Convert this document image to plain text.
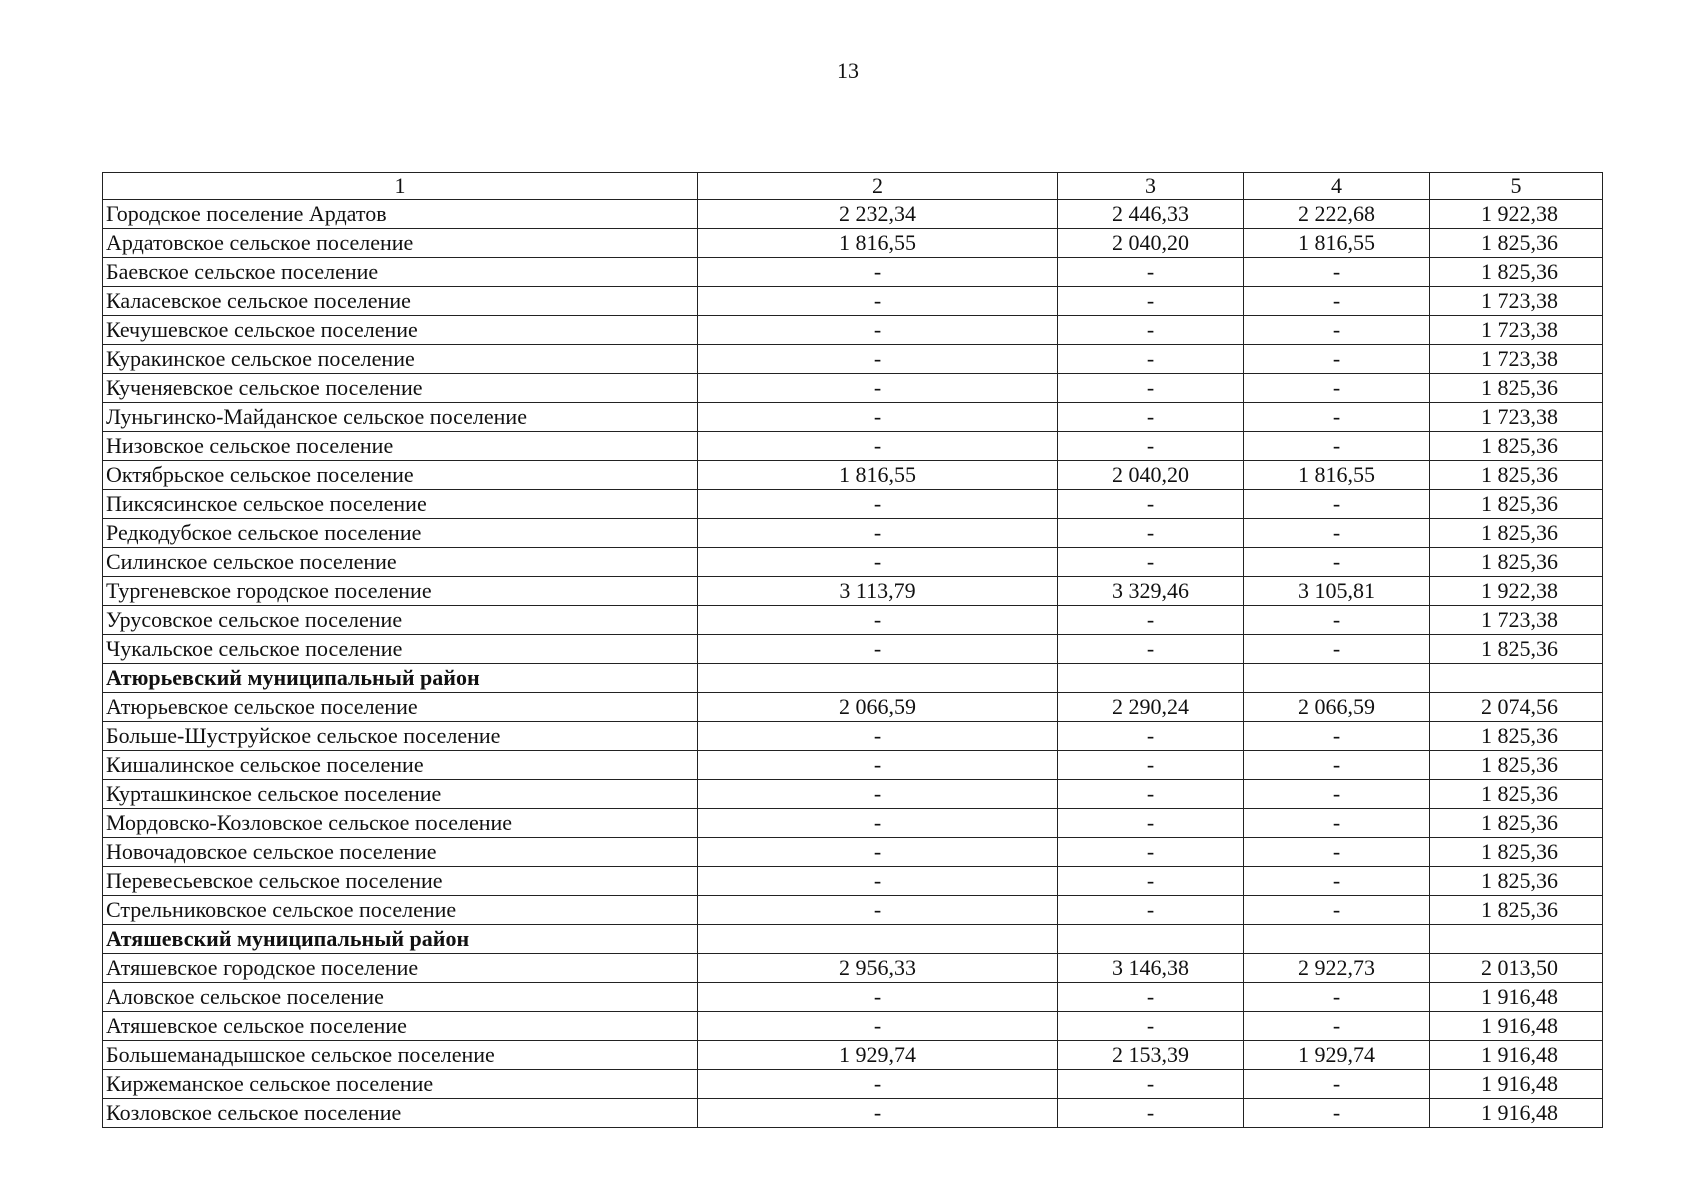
13
1	2	3	4	5
Городское поселение Ардатов	2 232,34	2 446,33	2 222,68	1 922,38
Ардатовское сельское поселение	1 816,55	2 040,20	1 816,55	1 825,36
Баевское сельское поселение	-	-	-	1 825,36
Каласевское сельское поселение	-	-	-	1 723,38
Кечушевское сельское поселение	-	-	-	1 723,38
Куракинское сельское поселение	-	-	-	1 723,38
Кученяевское сельское поселение	-	-	-	1 825,36
Луньгинско-Майданское сельское поселение	-	-	-	1 723,38
Низовское сельское поселение	-	-	-	1 825,36
Октябрьское сельское поселение	1 816,55	2 040,20	1 816,55	1 825,36
Пиксясинское сельское поселение	-	-	-	1 825,36
Редкодубское сельское поселение	-	-	-	1 825,36
Силинское сельское поселение	-	-	-	1 825,36
Тургеневское городское поселение	3 113,79	3 329,46	3 105,81	1 922,38
Урусовское сельское поселение	-	-	-	1 723,38
Чукальское сельское поселение	-	-	-	1 825,36
Атюрьевский муниципальный район				
Атюрьевское сельское поселение	2 066,59	2 290,24	2 066,59	2 074,56
Больше-Шуструйское сельское поселение	-	-	-	1 825,36
Кишалинское сельское поселение	-	-	-	1 825,36
Курташкинское сельское поселение	-	-	-	1 825,36
Мордовско-Козловское сельское поселение	-	-	-	1 825,36
Новочадовское сельское поселение	-	-	-	1 825,36
Перевесьевское сельское поселение	-	-	-	1 825,36
Стрельниковское сельское поселение	-	-	-	1 825,36
Атяшевский муниципальный район				
Атяшевское городское поселение	2 956,33	3 146,38	2 922,73	2 013,50
Аловское сельское поселение	-	-	-	1 916,48
Атяшевское сельское поселение	-	-	-	1 916,48
Большеманадышское сельское поселение	1 929,74	2 153,39	1 929,74	1 916,48
Киржеманское сельское поселение	-	-	-	1 916,48
Козловское сельское поселение	-	-	-	1 916,48
